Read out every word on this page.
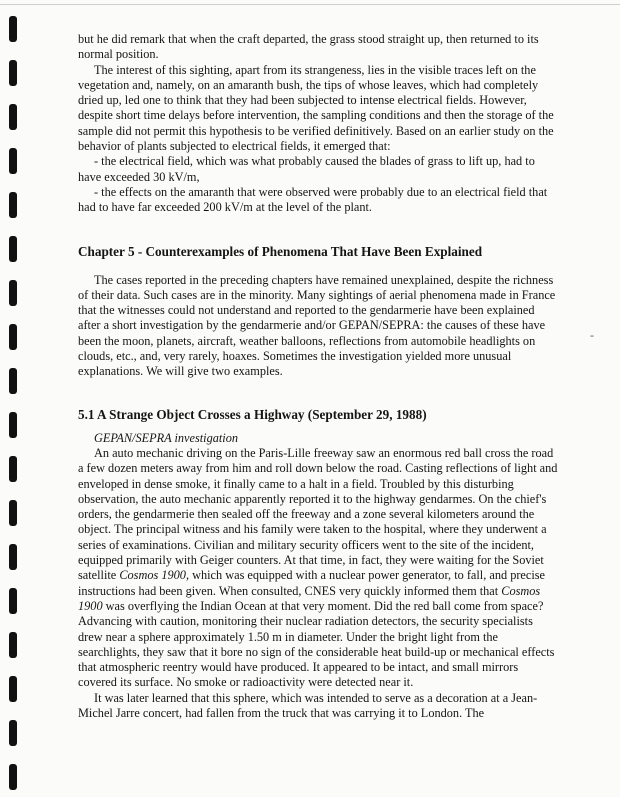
but he did remark that when the craft departed, the grass stood straight up, then returned to its normal position.

The interest of this sighting, apart from its strangeness, lies in the visible traces left on the vegetation and, namely, on an amaranth bush, the tips of whose leaves, which had completely dried up, led one to think that they had been subjected to intense electrical fields. However, despite short time delays before intervention, the sampling conditions and then the storage of the sample did not permit this hypothesis to be verified definitively. Based on an earlier study on the behavior of plants subjected to electrical fields, it emerged that:

- the electrical field, which was what probably caused the blades of grass to lift up, had to have exceeded 30 kV/m,

- the effects on the amaranth that were observed were probably due to an electrical field that had to have far exceeded 200 kV/m at the level of the plant.

Chapter 5 - Counterexamples of Phenomena That Have Been Explained

The cases reported in the preceding chapters have remained unexplained, despite the richness of their data. Such cases are in the minority. Many sightings of aerial phenomena made in France that the witnesses could not understand and reported to the gendarmerie have been explained after a short investigation by the gendarmerie and/or GEPAN/SEPRA: the causes of these have been the moon, planets, aircraft, weather balloons, reflections from automobile headlights on clouds, etc., and, very rarely, hoaxes. Sometimes the investigation yielded more unusual explanations. We will give two examples.

5.1 A Strange Object Crosses a Highway (September 29, 1988)

GEPAN/SEPRA investigation

An auto mechanic driving on the Paris-Lille freeway saw an enormous red ball cross the road a few dozen meters away from him and roll down below the road. Casting reflections of light and enveloped in dense smoke, it finally came to a halt in a field. Troubled by this disturbing observation, the auto mechanic apparently reported it to the highway gendarmes. On the chief's orders, the gendarmerie then sealed off the freeway and a zone several kilometers around the object. The principal witness and his family were taken to the hospital, where they underwent a series of examinations. Civilian and military security officers went to the site of the incident, equipped primarily with Geiger counters. At that time, in fact, they were waiting for the Soviet satellite Cosmos 1900, which was equipped with a nuclear power generator, to fall, and precise instructions had been given. When consulted, CNES very quickly informed them that Cosmos 1900 was overflying the Indian Ocean at that very moment. Did the red ball come from space? Advancing with caution, monitoring their nuclear radiation detectors, the security specialists drew near a sphere approximately 1.50 m in diameter. Under the bright light from the searchlights, they saw that it bore no sign of the considerable heat build-up or mechanical effects that atmospheric reentry would have produced. It appeared to be intact, and small mirrors covered its surface. No smoke or radioactivity were detected near it.

It was later learned that this sphere, which was intended to serve as a decoration at a Jean-Michel Jarre concert, had fallen from the truck that was carrying it to London. The

-
